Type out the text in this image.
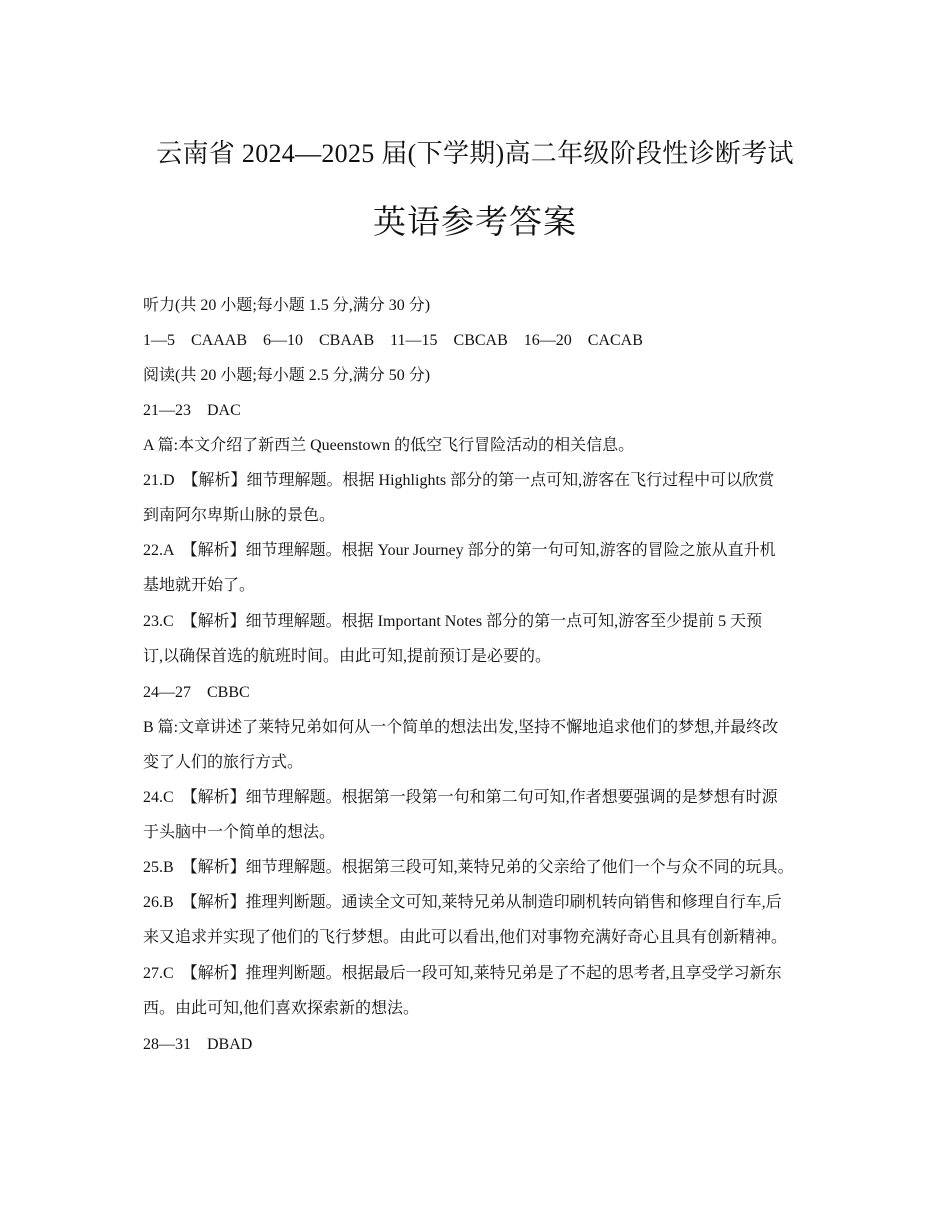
云南省 2024—2025 届(下学期)高二年级阶段性诊断考试
英语参考答案
听力(共 20 小题;每小题 1.5 分,满分 30 分)
1—5　CAAAB　6—10　CBAAB　11—15　CBCAB　16—20　CACAB
阅读(共 20 小题;每小题 2.5 分,满分 50 分)
21—23　DAC
A 篇:本文介绍了新西兰 Queenstown 的低空飞行冒险活动的相关信息。
21.D　【解析】细节理解题。根据 Highlights 部分的第一点可知,游客在飞行过程中可以欣赏
到南阿尔卑斯山脉的景色。
22.A　【解析】细节理解题。根据 Your Journey 部分的第一句可知,游客的冒险之旅从直升机
基地就开始了。
23.C　【解析】细节理解题。根据 Important Notes 部分的第一点可知,游客至少提前 5 天预
订,以确保首选的航班时间。由此可知,提前预订是必要的。
24—27　CBBC
B 篇:文章讲述了莱特兄弟如何从一个简单的想法出发,坚持不懈地追求他们的梦想,并最终改
变了人们的旅行方式。
24.C　【解析】细节理解题。根据第一段第一句和第二句可知,作者想要强调的是梦想有时源
于头脑中一个简单的想法。
25.B　【解析】细节理解题。根据第三段可知,莱特兄弟的父亲给了他们一个与众不同的玩具。
26.B　【解析】推理判断题。通读全文可知,莱特兄弟从制造印刷机转向销售和修理自行车,后
来又追求并实现了他们的飞行梦想。由此可以看出,他们对事物充满好奇心且具有创新精神。
27.C　【解析】推理判断题。根据最后一段可知,莱特兄弟是了不起的思考者,且享受学习新东
西。由此可知,他们喜欢探索新的想法。
28—31　DBAD
